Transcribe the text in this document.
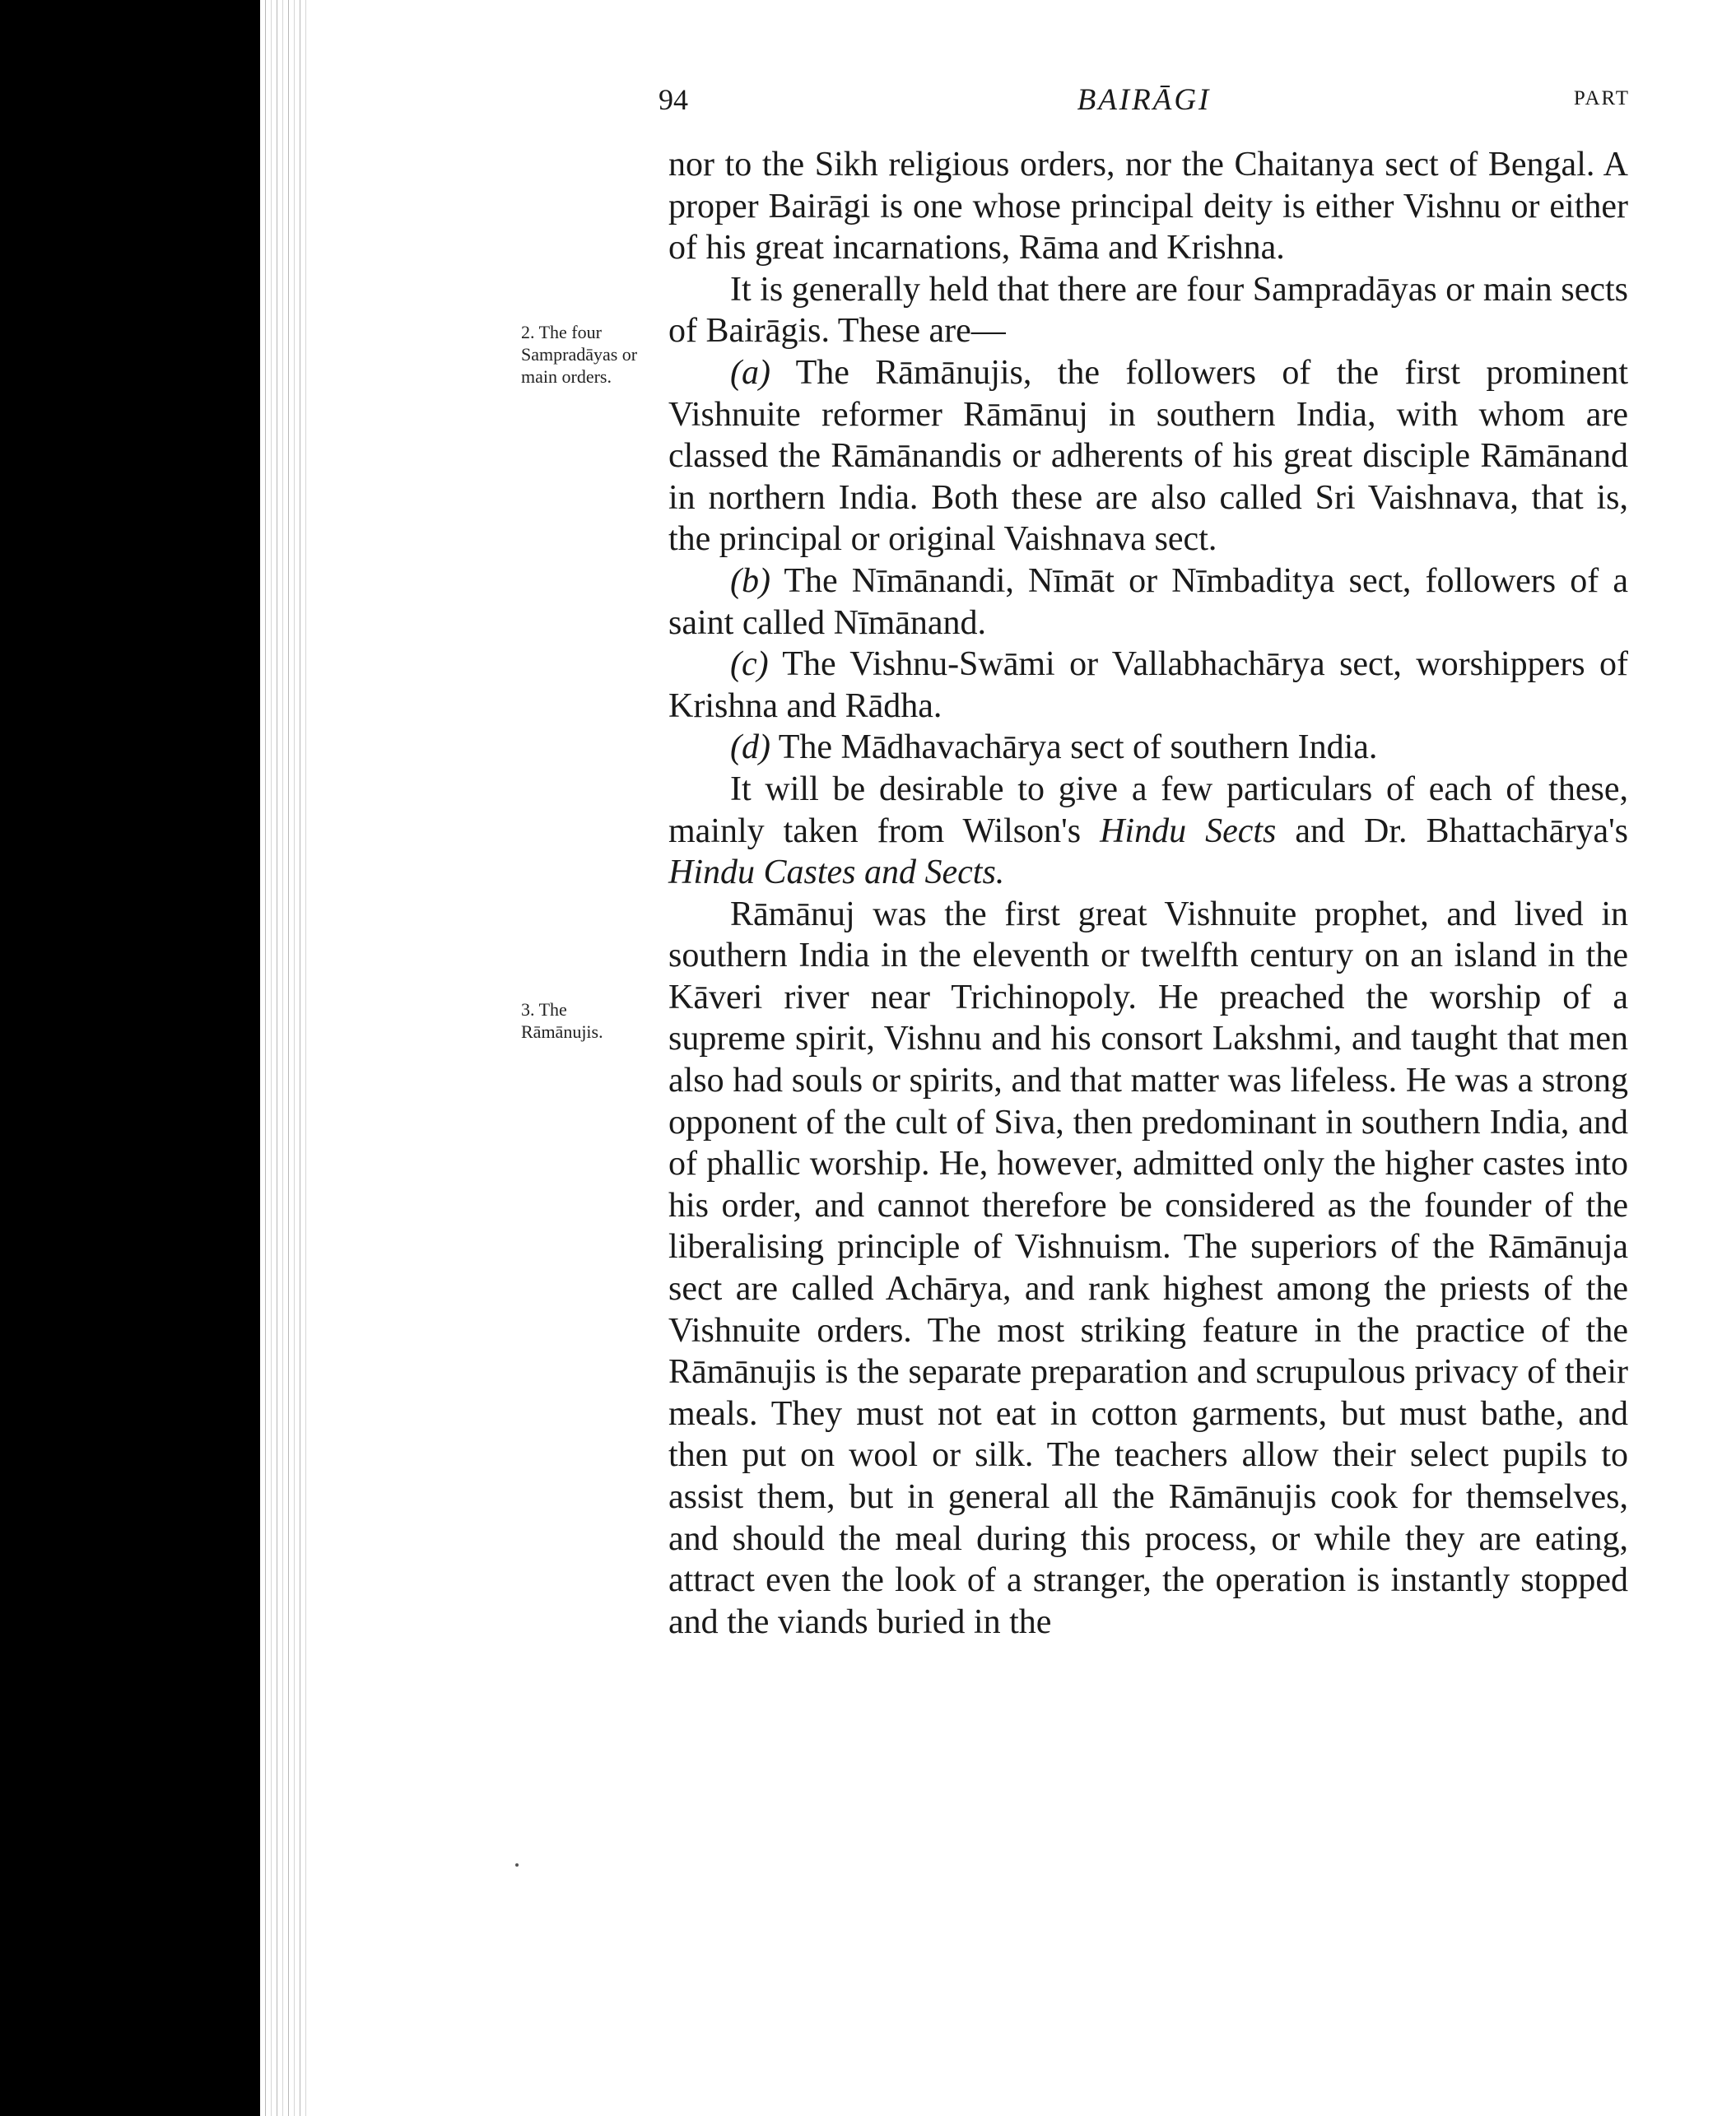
94	BAIRĀGI	PART
2. The four Sampradāyas or main orders.
3. The Rāmānujis.

nor to the Sikh religious orders, nor the Chaitanya sect of Bengal. A proper Bairāgi is one whose principal deity is either Vishnu or either of his great incarnations, Rāma and Krishna.

It is generally held that there are four Sampradāyas or main sects of Bairāgis. These are—

(a) The Rāmānujis, the followers of the first prominent Vishnuite reformer Rāmānuj in southern India, with whom are classed the Rāmānandis or adherents of his great disciple Rāmānand in northern India. Both these are also called Sri Vaishnava, that is, the principal or original Vaishnava sect.

(b) The Nīmānandi, Nīmāt or Nīmbaditya sect, followers of a saint called Nīmānand.

(c) The Vishnu-Swāmi or Vallabhachārya sect, worshippers of Krishna and Rādha.

(d) The Mādhavachārya sect of southern India.

It will be desirable to give a few particulars of each of these, mainly taken from Wilson's Hindu Sects and Dr. Bhattachārya's Hindu Castes and Sects.

Rāmānuj was the first great Vishnuite prophet, and lived in southern India in the eleventh or twelfth century on an island in the Kāveri river near Trichinopoly. He preached the worship of a supreme spirit, Vishnu and his consort Lakshmi, and taught that men also had souls or spirits, and that matter was lifeless. He was a strong opponent of the cult of Siva, then predominant in southern India, and of phallic worship. He, however, admitted only the higher castes into his order, and cannot therefore be considered as the founder of the liberalising principle of Vishnuism. The superiors of the Rāmānuja sect are called Achārya, and rank highest among the priests of the Vishnuite orders. The most striking feature in the practice of the Rāmānujis is the separate preparation and scrupulous privacy of their meals. They must not eat in cotton garments, but must bathe, and then put on wool or silk. The teachers allow their select pupils to assist them, but in general all the Rāmānujis cook for themselves, and should the meal during this process, or while they are eating, attract even the look of a stranger, the operation is instantly stopped and the viands buried in the
